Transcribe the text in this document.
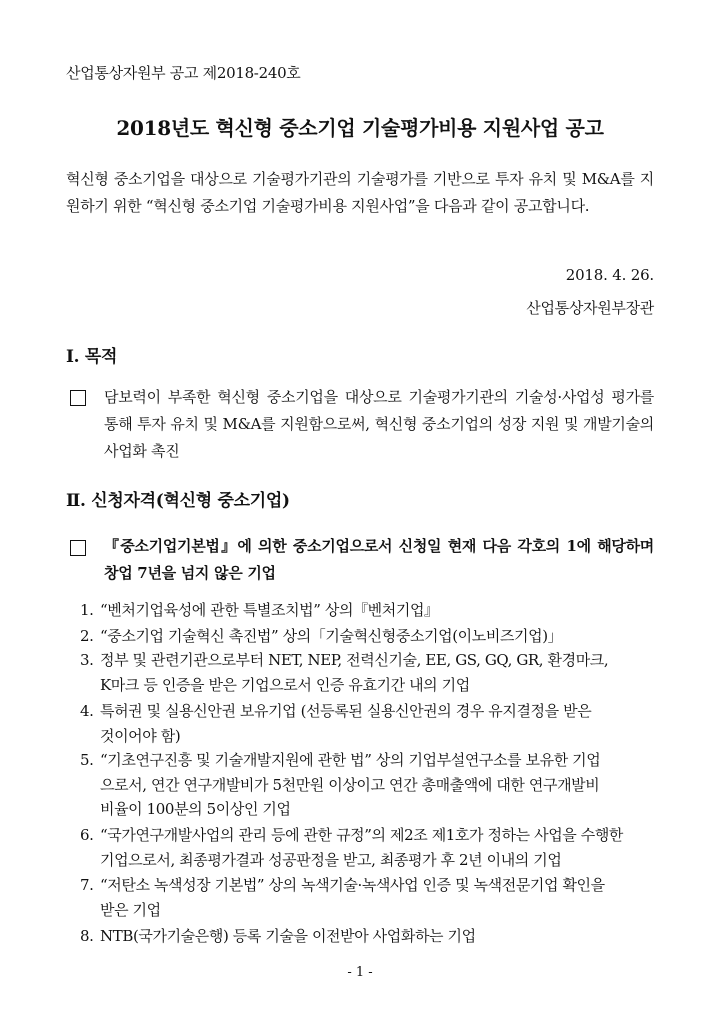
산업통상자원부 공고 제2018-240호
2018년도 혁신형 중소기업 기술평가비용 지원사업 공고
혁신형 중소기업을 대상으로 기술평가기관의 기술평가를 기반으로 투자 유치 및 M&A를 지원하기 위한 “혁신형 중소기업 기술평가비용 지원사업”을 다음과 같이 공고합니다.
2018. 4. 26.
산업통상자원부장관
Ⅰ. 목적
담보력이 부족한 혁신형 중소기업을 대상으로 기술평가기관의 기술성·사업성 평가를 통해 투자 유치 및 M&A를 지원함으로써, 혁신형 중소기업의 성장 지원 및 개발기술의 사업화 촉진
Ⅱ. 신청자격(혁신형 중소기업)
『중소기업기본법』에 의한 중소기업으로서 신청일 현재 다음 각호의 1에 해당하며 창업 7년을 넘지 않은 기업
1. “벤처기업육성에 관한 특별조치법” 상의『벤처기업』
2. “중소기업 기술혁신 촉진법” 상의「기술혁신형중소기업(이노비즈기업)」
3. 정부 및 관련기관으로부터 NET, NEP, 전력신기술, EE, GS, GQ, GR, 환경마크,
K마크 등 인증을 받은 기업으로서 인증 유효기간 내의 기업
4. 특허권 및 실용신안권 보유기업 (선등록된 실용신안권의 경우 유지결정을 받은
것이어야 함)
5. “기초연구진흥 및 기술개발지원에 관한 법” 상의 기업부설연구소를 보유한 기업
으로서, 연간 연구개발비가 5천만원 이상이고 연간 총매출액에 대한 연구개발비
비율이 100분의 5이상인 기업
6. “국가연구개발사업의 관리 등에 관한 규정”의 제2조 제1호가 정하는 사업을 수행한
기업으로서, 최종평가결과 성공판정을 받고, 최종평가 후 2년 이내의 기업
7. “저탄소 녹색성장 기본법” 상의 녹색기술·녹색사업 인증 및 녹색전문기업 확인을
받은 기업
8. NTB(국가기술은행) 등록 기술을 이전받아 사업화하는 기업
- 1 -
